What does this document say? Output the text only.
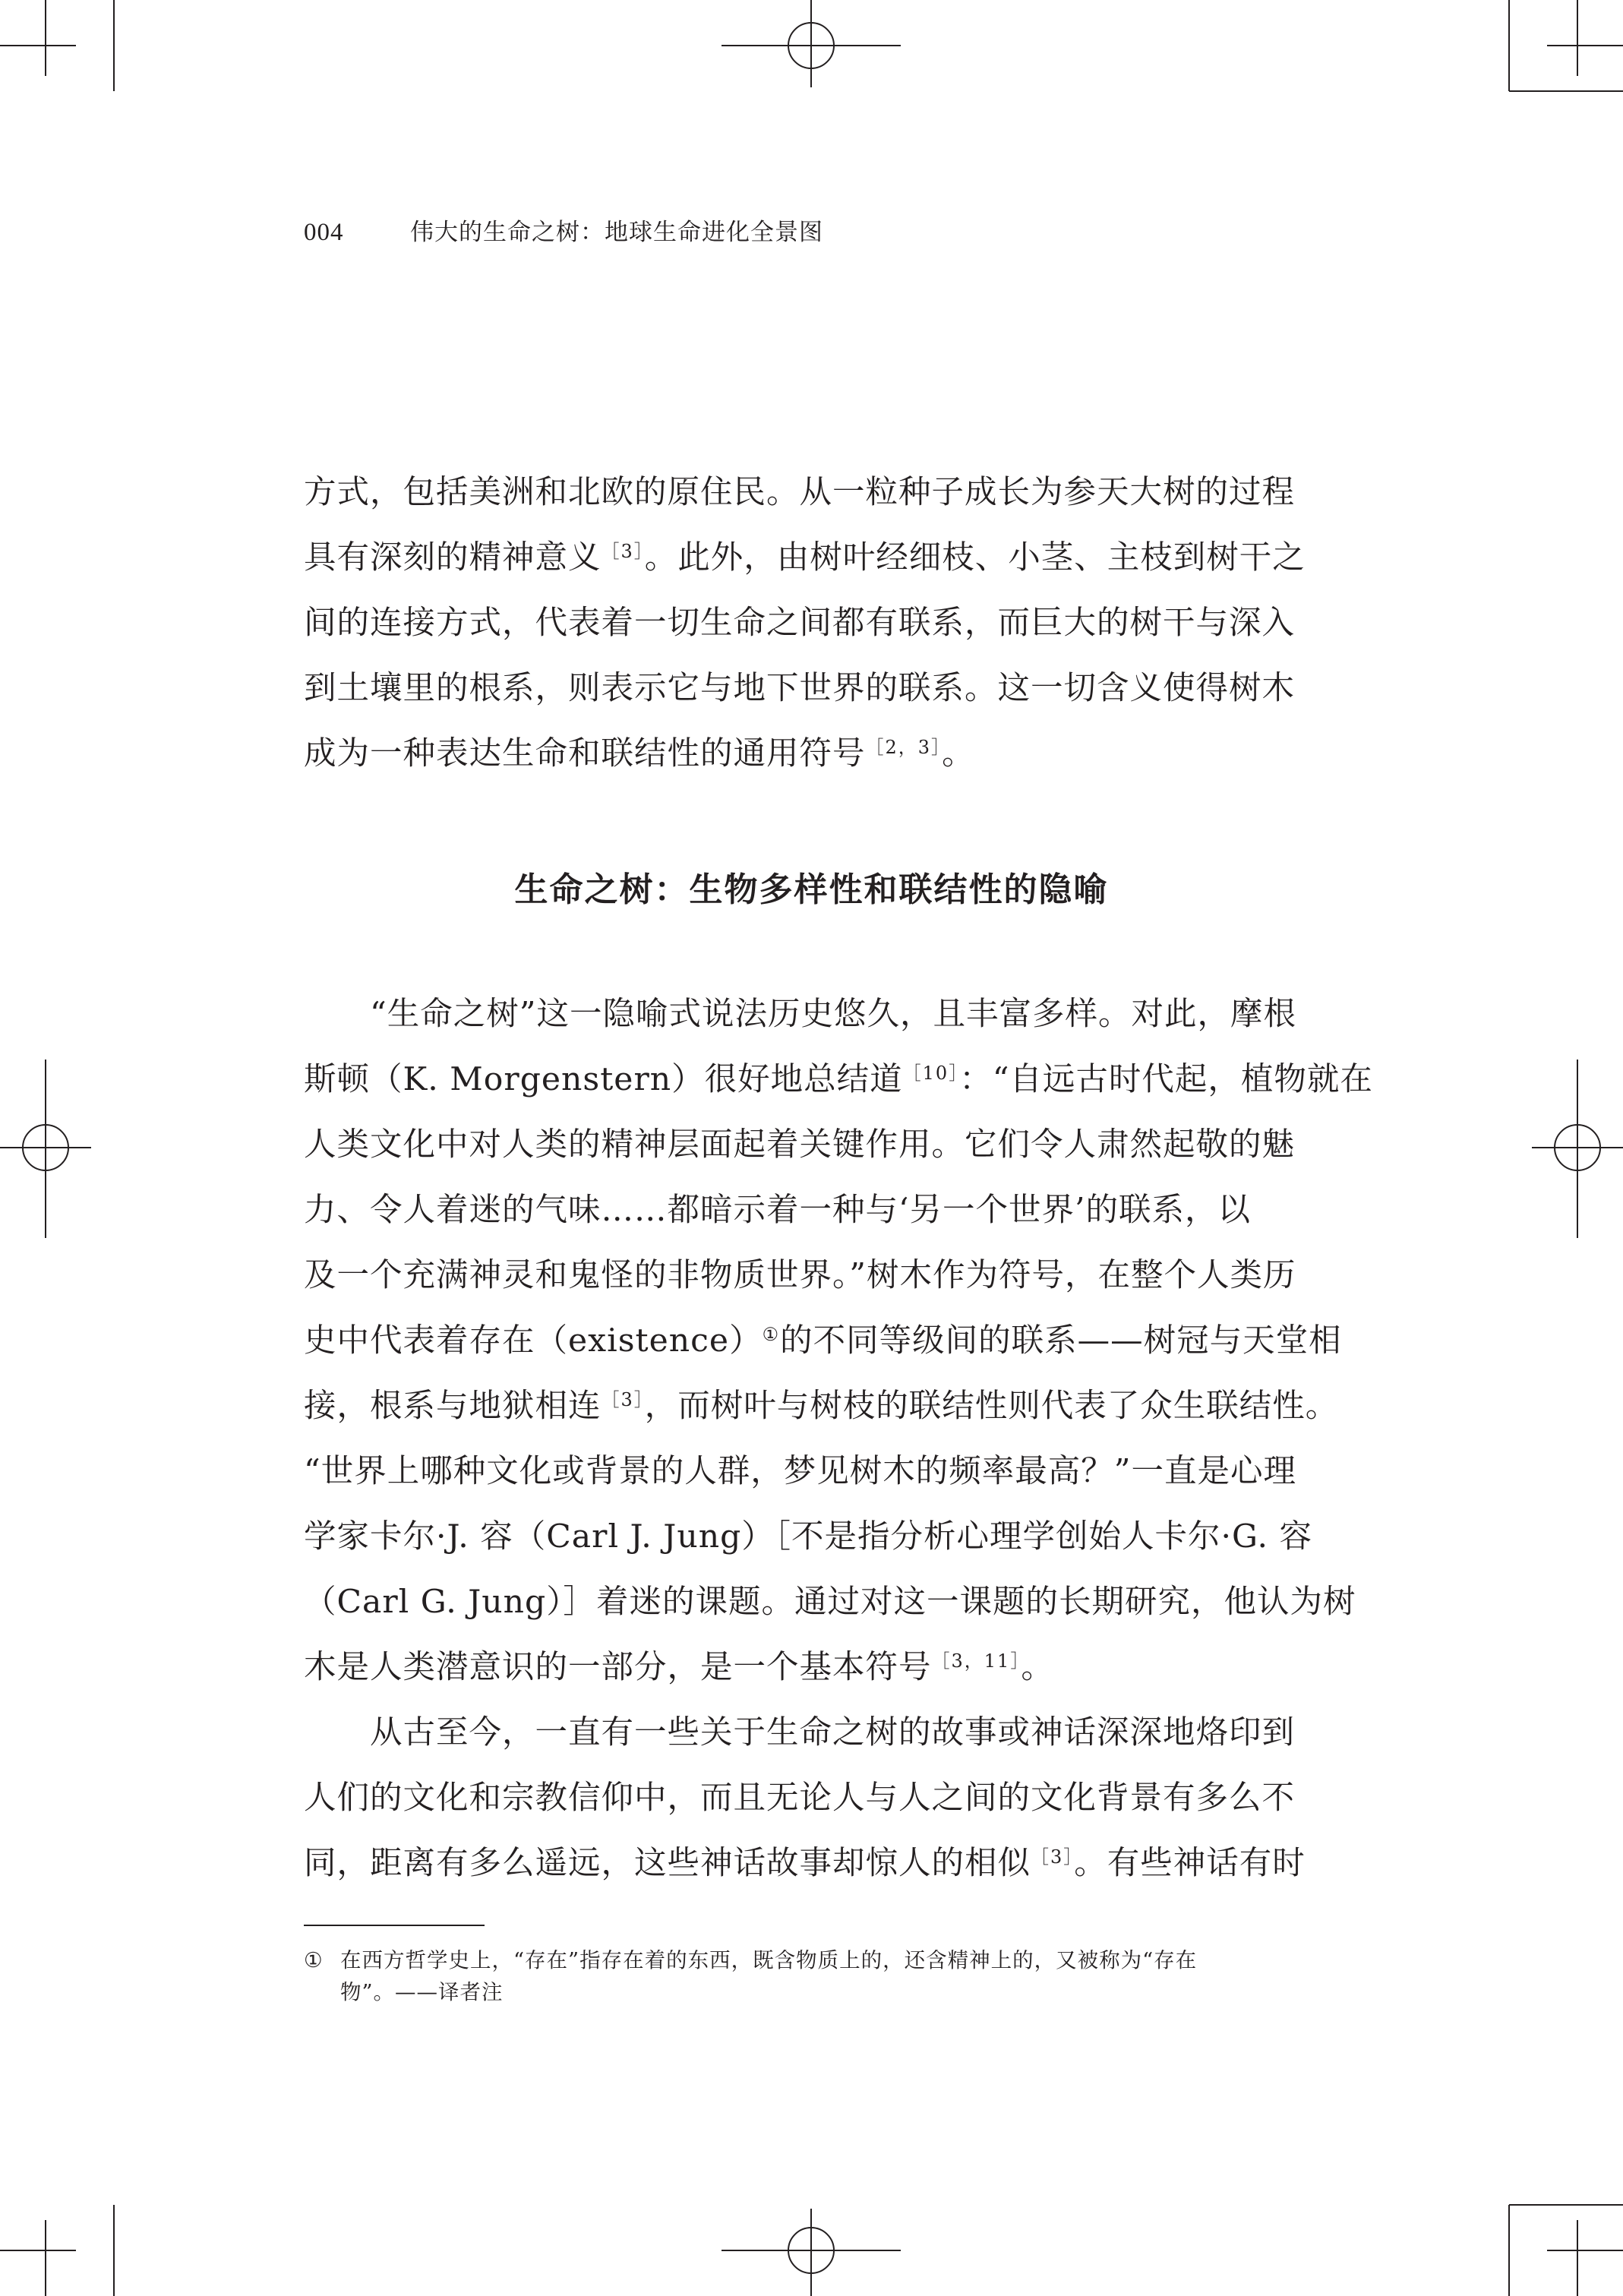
004	伟大的生命之树：地球生命进化全景图
方式，包括美洲和北欧的原住民。从一粒种子成长为参天大树的过程
具有深刻的精神意义$^{[3]}$。此外，由树叶经细枝、小茎、主枝到树干之
间的连接方式，代表着一切生命之间都有联系，而巨大的树干与深入
到土壤里的根系，则表示它与地下世界的联系。这一切含义使得树木
成为一种表达生命和联结性的通用符号$^{[2,3]}$。
生命之树：生物多样性和联结性的隐喻
　　“生命之树”这一隐喻式说法历史悠久，且丰富多样。对此，摩根
斯顿（K. Morgenstern）很好地总结道$^{[10]}$：“自远古时代起，植物就在
人类文化中对人类的精神层面起着关键作用。它们令人肃然起敬的魅
力、令人着迷的气味……都暗示着一种与‘另一个世界’的联系，以
及一个充满神灵和鬼怪的非物质世界。”树木作为符号，在整个人类历
史中代表着存在（existence）①的不同等级间的联系——树冠与天堂相
接，根系与地狱相连$^{[3]}$，而树叶与树枝的联结性则代表了众生联结性。
“世界上哪种文化或背景的人群，梦见树木的频率最高？”一直是心理
学家卡尔·J. 容（Carl J. Jung）［不是指分析心理学创始人卡尔·G. 容
（Carl G. Jung）］着迷的课题。通过对这一课题的长期研究，他认为树
木是人类潜意识的一部分，是一个基本符号$^{[3,11]}$。
　　从古至今，一直有一些关于生命之树的故事或神话深深地烙印到
人们的文化和宗教信仰中，而且无论人与人之间的文化背景有多么不
同，距离有多么遥远，这些神话故事却惊人的相似$^{[3]}$。有些神话有时
① 在西方哲学史上，“存在”指存在着的东西，既含物质上的，还含精神上的，又被称为“存在
物”。——译者注
